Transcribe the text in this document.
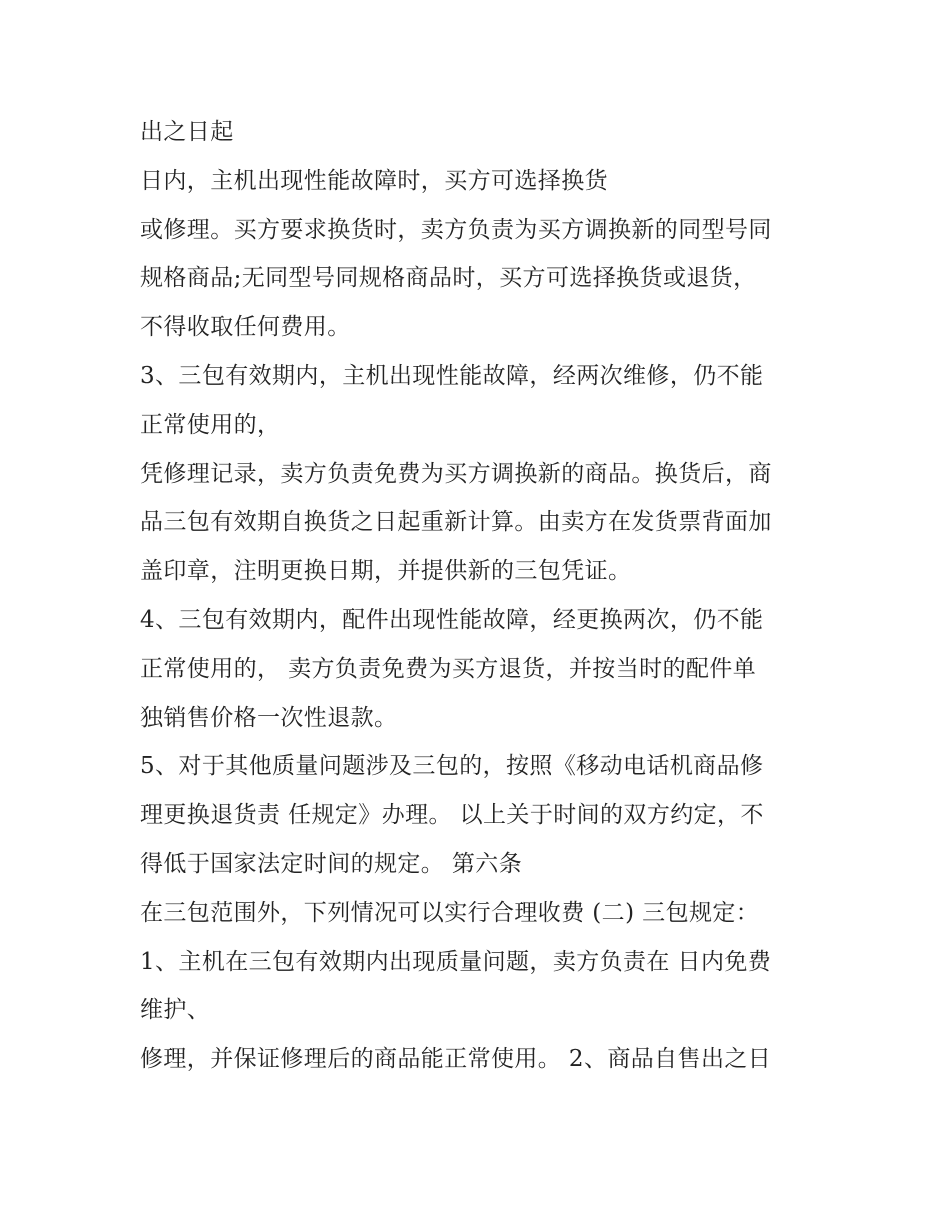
出之日起
日内，主机出现性能故障时，买方可选择换货
或修理。买方要求换货时，卖方负责为买方调换新的同型号同
规格商品;无同型号同规格商品时，买方可选择换货或退货，
不得收取任何费用。
3、三包有效期内，主机出现性能故障，经两次维修，仍不能
正常使用的，
凭修理记录，卖方负责免费为买方调换新的商品。换货后，商
品三包有效期自换货之日起重新计算。由卖方在发货票背面加
盖印章，注明更换日期，并提供新的三包凭证。
4、三包有效期内，配件出现性能故障，经更换两次，仍不能
正常使用的， 卖方负责免费为买方退货，并按当时的配件单
独销售价格一次性退款。
5、对于其他质量问题涉及三包的，按照《移动电话机商品修
理更换退货责 任规定》办理。 以上关于时间的双方约定，不
得低于国家法定时间的规定。 第六条
在三包范围外，下列情况可以实行合理收费 (二) 三包规定：
1、主机在三包有效期内出现质量问题，卖方负责在 日内免费
维护、
修理，并保证修理后的商品能正常使用。 2、商品自售出之日
